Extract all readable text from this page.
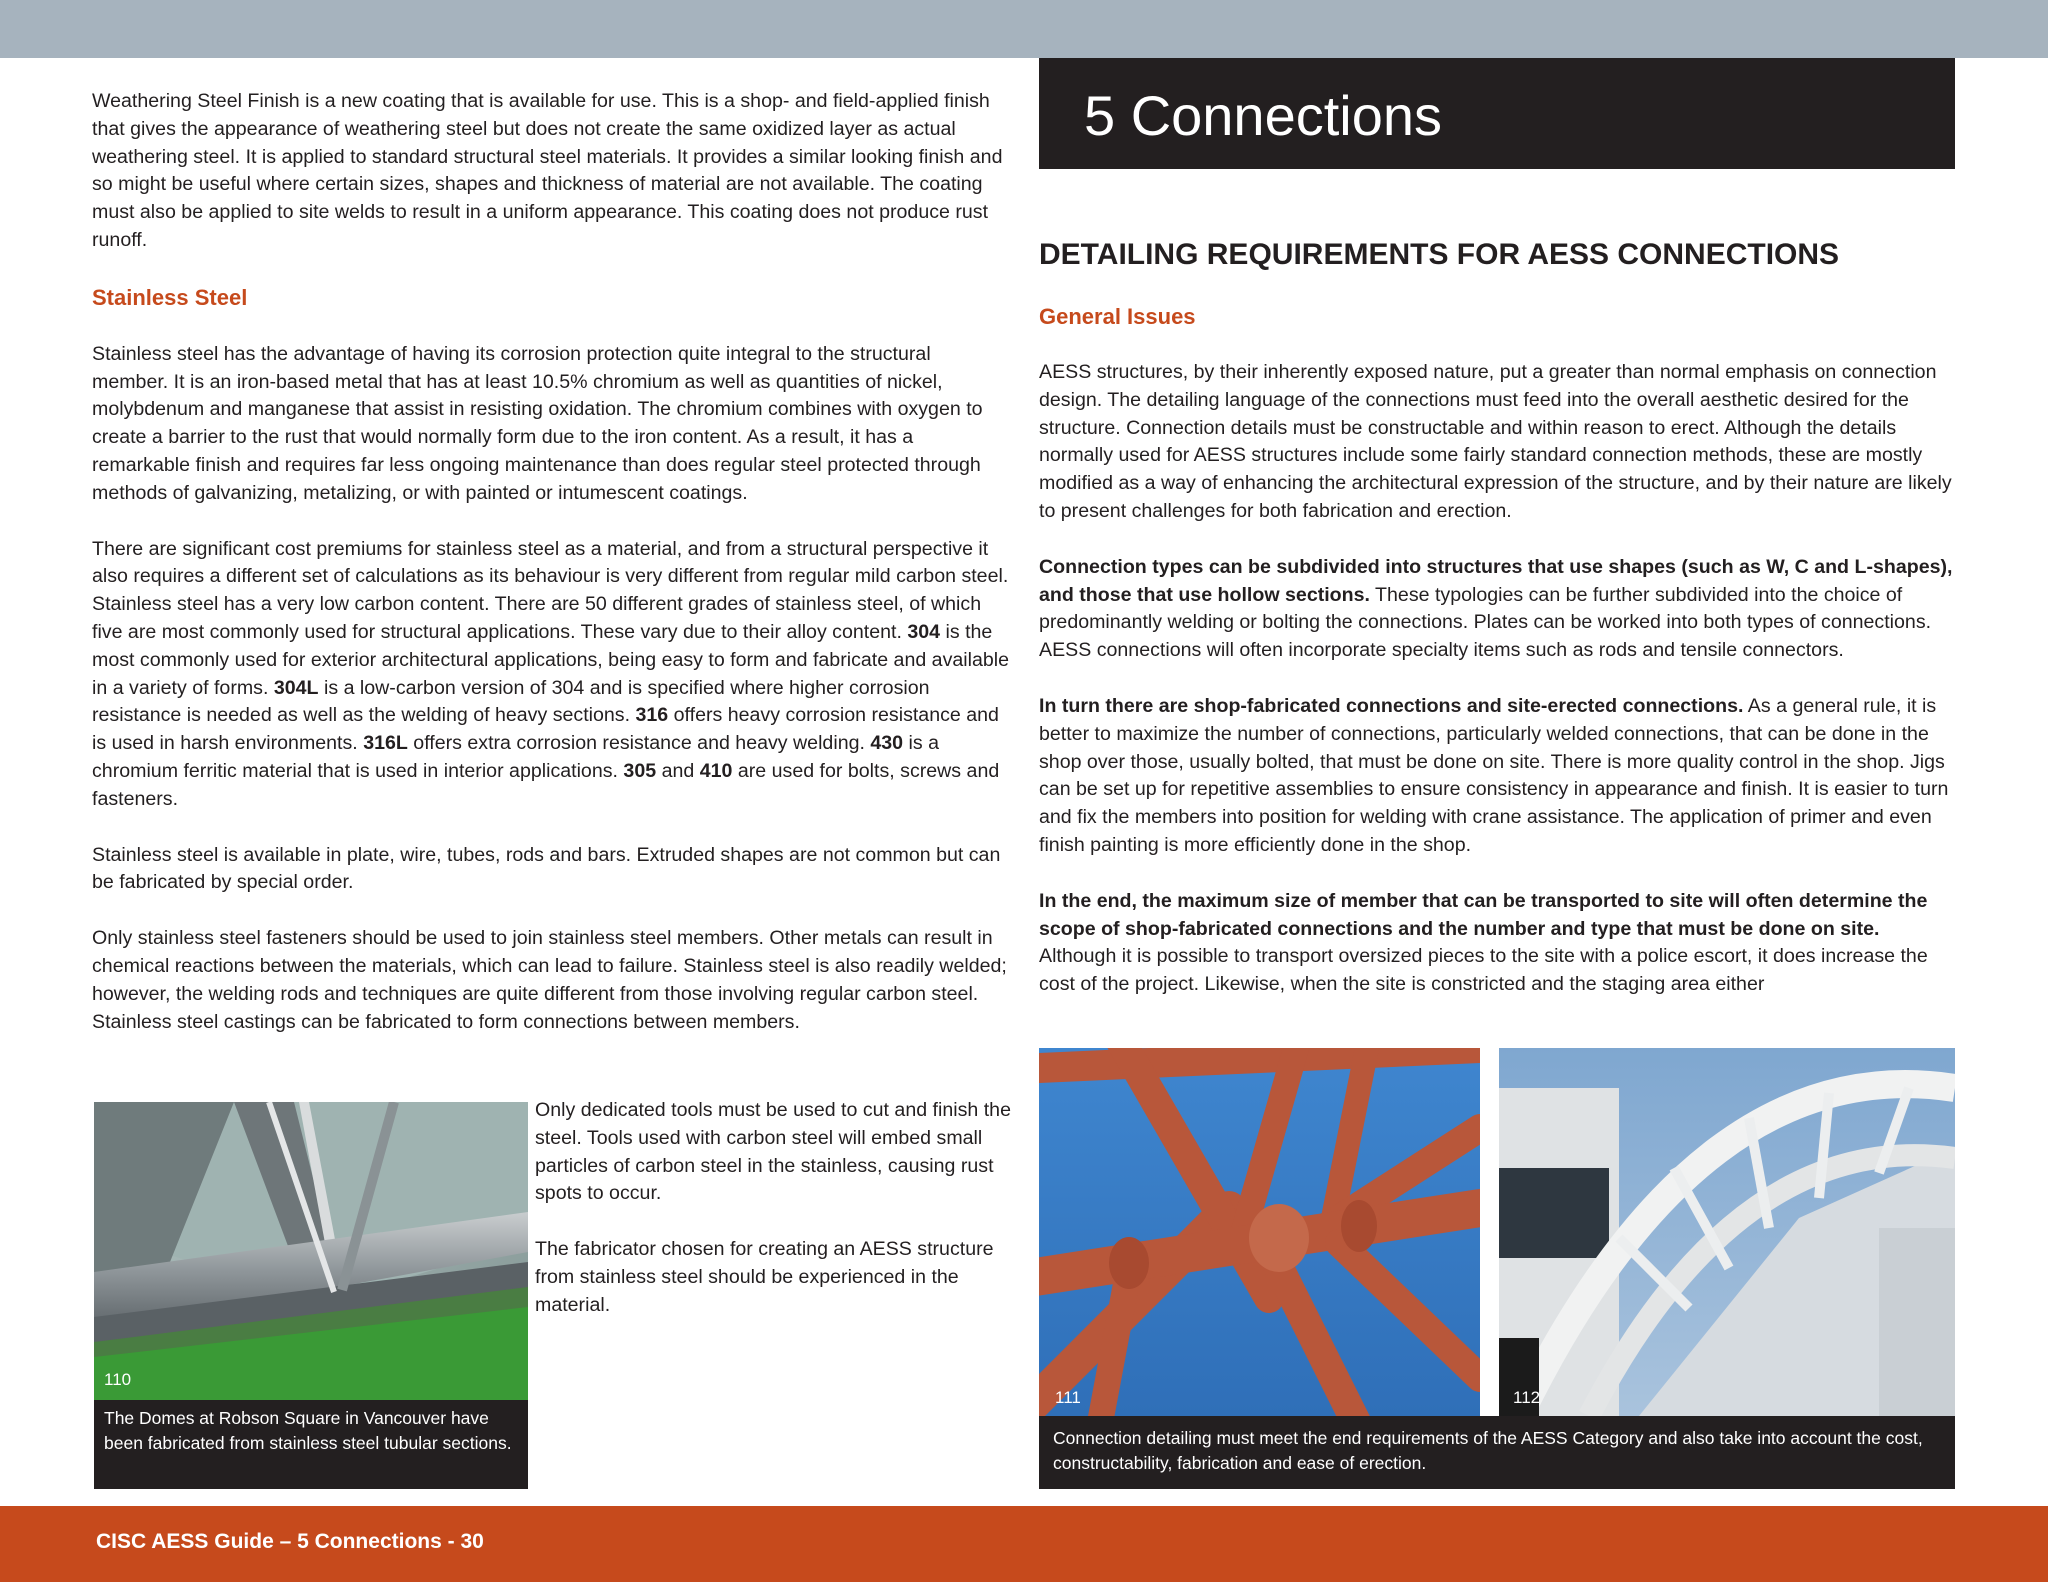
Weathering Steel Finish is a new coating that is available for use. This is a shop- and field-applied finish that gives the appearance of weathering steel but does not create the same oxidized layer as actual weathering steel. It is applied to standard structural steel materials. It provides a similar looking finish and so might be useful where certain sizes, shapes and thickness of material are not available. The coating must also be applied to site welds to result in a uniform appearance. This coating does not produce rust runoff.

Stainless Steel

Stainless steel has the advantage of having its corrosion protection quite integral to the structural member. It is an iron-based metal that has at least 10.5% chromium as well as quantities of nickel, molybdenum and manganese that assist in resisting oxidation. The chromium combines with oxygen to create a barrier to the rust that would normally form due to the iron content. As a result, it has a remarkable finish and requires far less ongoing maintenance than does regular steel protected through methods of galvanizing, metalizing, or with painted or intumescent coatings.

There are significant cost premiums for stainless steel as a material, and from a structural perspective it also requires a different set of calculations as its behaviour is very different from regular mild carbon steel. Stainless steel has a very low carbon content. There are 50 different grades of stainless steel, of which five are most commonly used for structural applications. These vary due to their alloy content. 304 is the most commonly used for exterior architectural applications, being easy to form and fabricate and available in a variety of forms. 304L is a low-carbon version of 304 and is specified where higher corrosion resistance is needed as well as the welding of heavy sections. 316 offers heavy corrosion resistance and is used in harsh environments. 316L offers extra corrosion resistance and heavy welding. 430 is a chromium ferritic material that is used in interior applications. 305 and 410 are used for bolts, screws and fasteners.

Stainless steel is available in plate, wire, tubes, rods and bars. Extruded shapes are not common but can be fabricated by special order.

Only stainless steel fasteners should be used to join stainless steel members. Other metals can result in chemical reactions between the materials, which can lead to failure. Stainless steel is also readily welded; however, the welding rods and techniques are quite different from those involving regular carbon steel. Stainless steel castings can be fabricated to form connections between members.

110
The Domes at Robson Square in Vancouver have been fabricated from stainless steel tubular sections.

Only dedicated tools must be used to cut and finish the steel. Tools used with carbon steel will embed small particles of carbon steel in the stainless, causing rust spots to occur.

The fabricator chosen for creating an AESS structure from stainless steel should be experienced in the material.

5 Connections
DETAILING REQUIREMENTS FOR AESS CONNECTIONS

General Issues

AESS structures, by their inherently exposed nature, put a greater than normal emphasis on connection design. The detailing language of the connections must feed into the overall aesthetic desired for the structure. Connection details must be constructable and within reason to erect. Although the details normally used for AESS structures include some fairly standard connection methods, these are mostly modified as a way of enhancing the architectural expression of the structure, and by their nature are likely to present challenges for both fabrication and erection.

Connection types can be subdivided into structures that use shapes (such as W, C and L-shapes), and those that use hollow sections. These typologies can be further subdivided into the choice of predominantly welding or bolting the connections. Plates can be worked into both types of connections. AESS connections will often incorporate specialty items such as rods and tensile connectors.

In turn there are shop-fabricated connections and site-erected connections. As a general rule, it is better to maximize the number of connections, particularly welded connections, that can be done in the shop over those, usually bolted, that must be done on site. There is more quality control in the shop. Jigs can be set up for repetitive assemblies to ensure consistency in appearance and finish. It is easier to turn and fix the members into position for welding with crane assistance. The application of primer and even finish painting is more efficiently done in the shop.

In the end, the maximum size of member that can be transported to site will often determine the scope of shop-fabricated connections and the number and type that must be done on site. Although it is possible to transport oversized pieces to the site with a police escort, it does increase the cost of the project. Likewise, when the site is constricted and the staging area either

111	112
Connection detailing must meet the end requirements of the AESS Category and also take into account the cost, constructability, fabrication and ease of erection.
CISC AESS Guide – 5 Connections - 30
